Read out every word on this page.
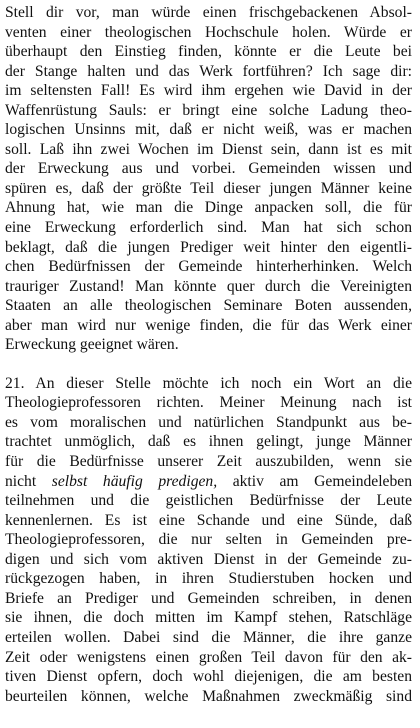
Stell dir vor, man würde einen frischgebackenen Absol-
venten einer theologischen Hochschule holen. Würde er
überhaupt den Einstieg finden, könnte er die Leute bei
der Stange halten und das Werk fortführen? Ich sage dir:
im seltensten Fall! Es wird ihm ergehen wie David in der
Waffenrüstung Sauls: er bringt eine solche Ladung theo-
logischen Unsinns mit, daß er nicht weiß, was er machen
soll. Laß ihn zwei Wochen im Dienst sein, dann ist es mit
der Erweckung aus und vorbei. Gemeinden wissen und
spüren es, daß der größte Teil dieser jungen Männer keine
Ahnung hat, wie man die Dinge anpacken soll, die für
eine Erweckung erforderlich sind. Man hat sich schon
beklagt, daß die jungen Prediger weit hinter den eigentli-
chen Bedürfnissen der Gemeinde hinterherhinken. Welch
trauriger Zustand! Man könnte quer durch die Vereinigten
Staaten an alle theologischen Seminare Boten aussenden,
aber man wird nur wenige finden, die für das Werk einer
Erweckung geeignet wären.
21. An dieser Stelle möchte ich noch ein Wort an die
Theologieprofessoren richten. Meiner Meinung nach ist
es vom moralischen und natürlichen Standpunkt aus be-
trachtet unmöglich, daß es ihnen gelingt, junge Männer
für die Bedürfnisse unserer Zeit auszubilden, wenn sie
nicht selbst häufig predigen, aktiv am Gemeindeleben
teilnehmen und die geistlichen Bedürfnisse der Leute
kennenlernen. Es ist eine Schande und eine Sünde, daß
Theologieprofessoren, die nur selten in Gemeinden pre-
digen und sich vom aktiven Dienst in der Gemeinde zu-
rückgezogen haben, in ihren Studierstuben hocken und
Briefe an Prediger und Gemeinden schreiben, in denen
sie ihnen, die doch mitten im Kampf stehen, Ratschläge
erteilen wollen. Dabei sind die Männer, die ihre ganze
Zeit oder wenigstens einen großen Teil davon für den ak-
tiven Dienst opfern, doch wohl diejenigen, die am besten
beurteilen können, welche Maßnahmen zweckmäßig sind
